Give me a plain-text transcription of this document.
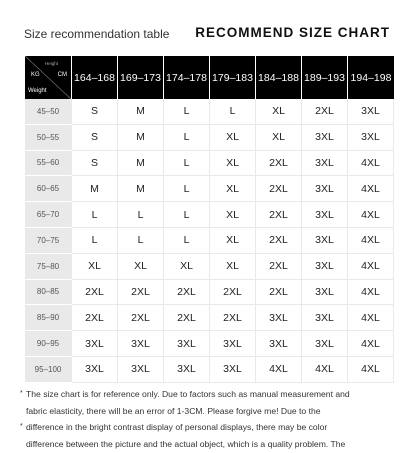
Size recommendation table RECOMMEND SIZE CHART
Height
KG CM
Weight	164–168	169–173	174–178	179–183	184–188	189–193	194–198
45–50	S	M	L	L	XL	2XL	3XL
50–55	S	M	L	XL	XL	3XL	3XL
55–60	S	M	L	XL	2XL	3XL	4XL
60–65	M	M	L	XL	2XL	3XL	4XL
65–70	L	L	L	XL	2XL	3XL	4XL
70–75	L	L	L	XL	2XL	3XL	4XL
75–80	XL	XL	XL	XL	2XL	3XL	4XL
80–85	2XL	2XL	2XL	2XL	2XL	3XL	4XL
85–90	2XL	2XL	2XL	2XL	3XL	3XL	4XL
90–95	3XL	3XL	3XL	3XL	3XL	3XL	4XL
95–100	3XL	3XL	3XL	3XL	4XL	4XL	4XL
* The size chart is for reference only. Due to factors such as manual measurement and
fabric elasticity, there will be an error of 1-3CM. Please forgive me! Due to the
* difference in the bright contrast display of personal displays, there may be color
difference between the picture and the actual object, which is a quality problem. The
